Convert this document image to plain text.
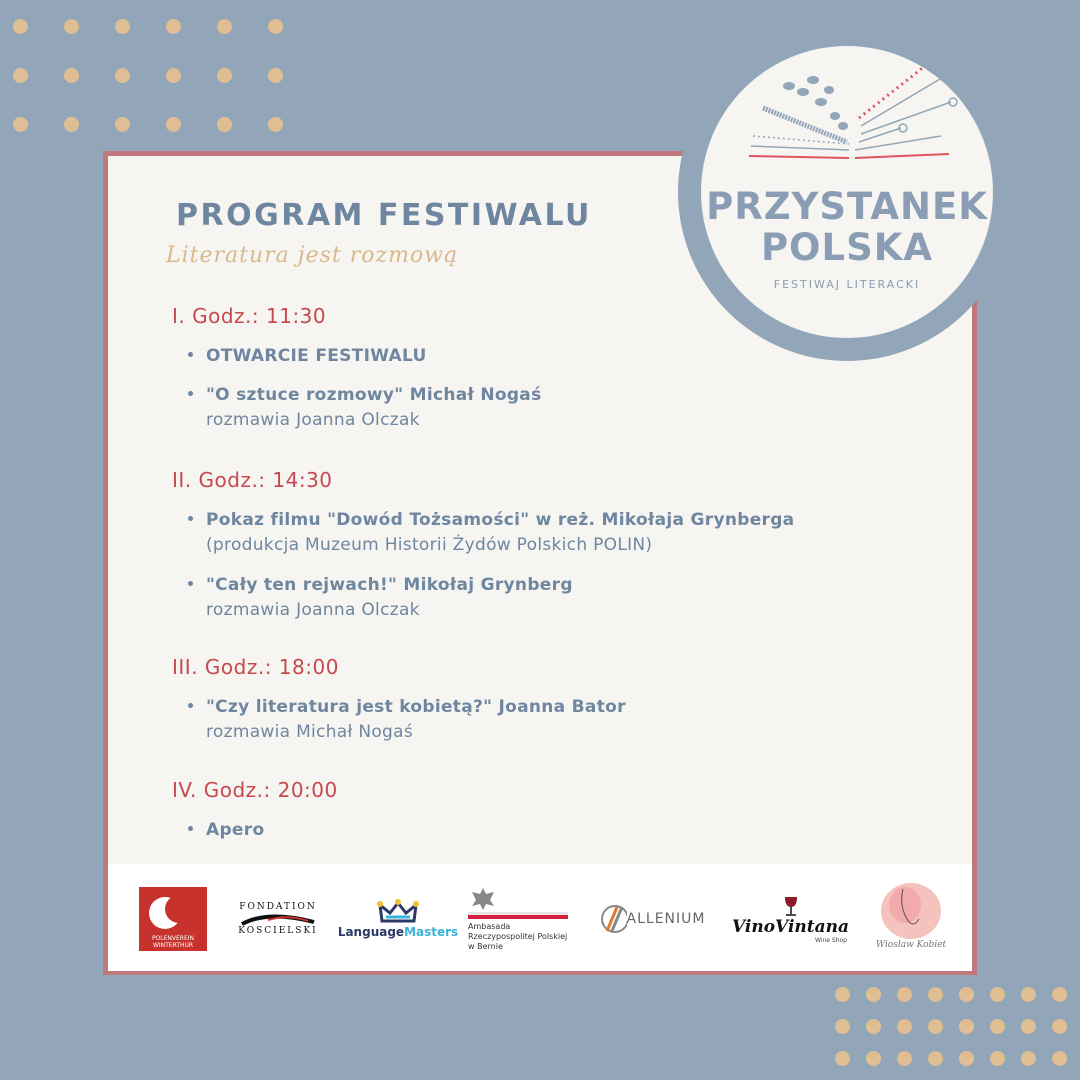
PROGRAM FESTIWALU
Literatura jest rozmową
I. Godz.: 11:30
OTWARCIE FESTIWALU
"O sztuce rozmowy" Michał Nogaś
rozmawia Joanna Olczak
II. Godz.: 14:30
Pokaz filmu "Dowód Tożsamości" w reż. Mikołaja Grynberga
(produkcja Muzeum Historii Żydów Polskich POLIN)
"Cały ten rejwach!" Mikołaj Grynberg
rozmawia Joanna Olczak
III. Godz.: 18:00
"Czy literatura jest kobietą?" Joanna Bator
rozmawia Michał Nogaś
IV. Godz.: 20:00
Apero
POLENVEREIN
WINTERTHUR
FONDATION
KOSCIELSKI LanguageMasters Ambasada
Rzeczypospolitej Polskiej
w Bernie
ALLENIUM VinoVintana
Wine Shop	Wiosław Kobiet
PRZYSTANEK
POLSKA
FESTIWAJ LITERACKI
